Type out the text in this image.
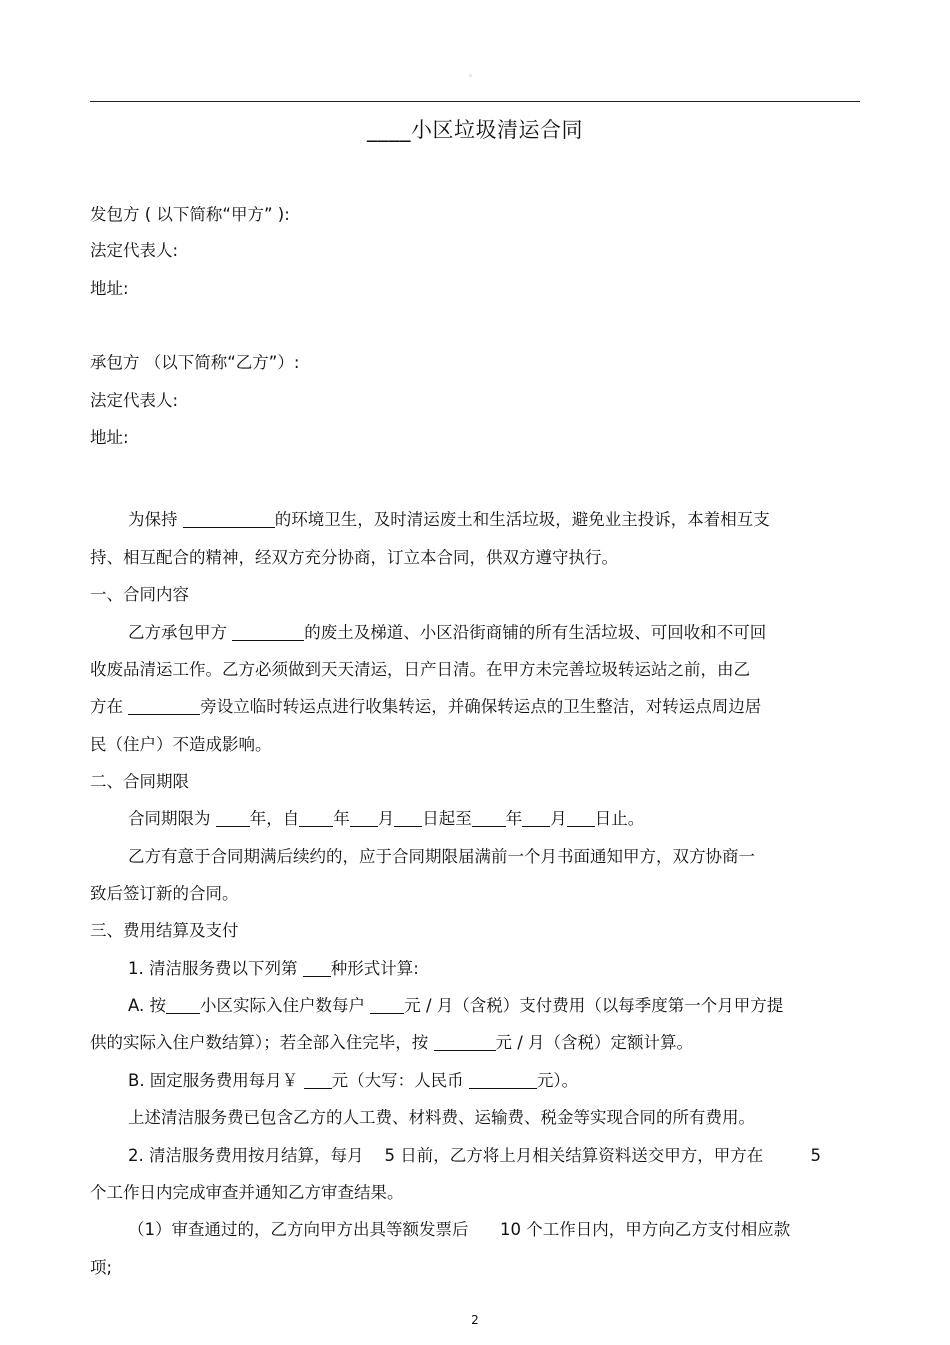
。
____小区垃圾清运合同
发包方 ( 以下简称“甲方” ):
法定代表人:
地址:
承包方 （以下简称“乙方”）:
法定代表人:
地址:
为保持	的环境卫生，及时清运废土和生活垃圾，避免业主投诉，本着相互支
持、相互配合的精神，经双方充分协商，订立本合同，供双方遵守执行。
一、合同内容
乙方承包甲方	的废土及梯道、小区沿街商铺的所有生活垃圾、可回收和不可回
收废品清运工作。乙方必须做到天天清运，日产日清。在甲方未完善垃圾转运站之前，由乙
方在	旁设立临时转运点进行收集转运，并确保转运点的卫生整洁，对转运点周边居
民（住户）不造成影响。
二、合同期限
合同期限为 年，自 年 月 日起至 年 月 日止。
乙方有意于合同期满后续约的，应于合同期限届满前一个月书面通知甲方，双方协商一
致后签订新的合同。
三、费用结算及支付
1. 清洁服务费以下列第 种形式计算:
A. 按 小区实际入住户数每户 元 / 月（含税）支付费用（以每季度第一个月甲方提
供的实际入住户数结算）；若全部入住完毕，按	元 / 月（含税）定额计算。
B. 固定服务费用每月￥ 元（大写：人民币	元）。
上述清洁服务费已包含乙方的人工费、材料费、运输费、税金等实现合同的所有费用。
2. 清洁服务费用按月结算，每月 5 日前，乙方将上月相关结算资料送交甲方，甲方在	5
个工作日内完成审查并通知乙方审查结果。
（1）审查通过的，乙方向甲方出具等额发票后 10 个工作日内，甲方向乙方支付相应款
项;
2
